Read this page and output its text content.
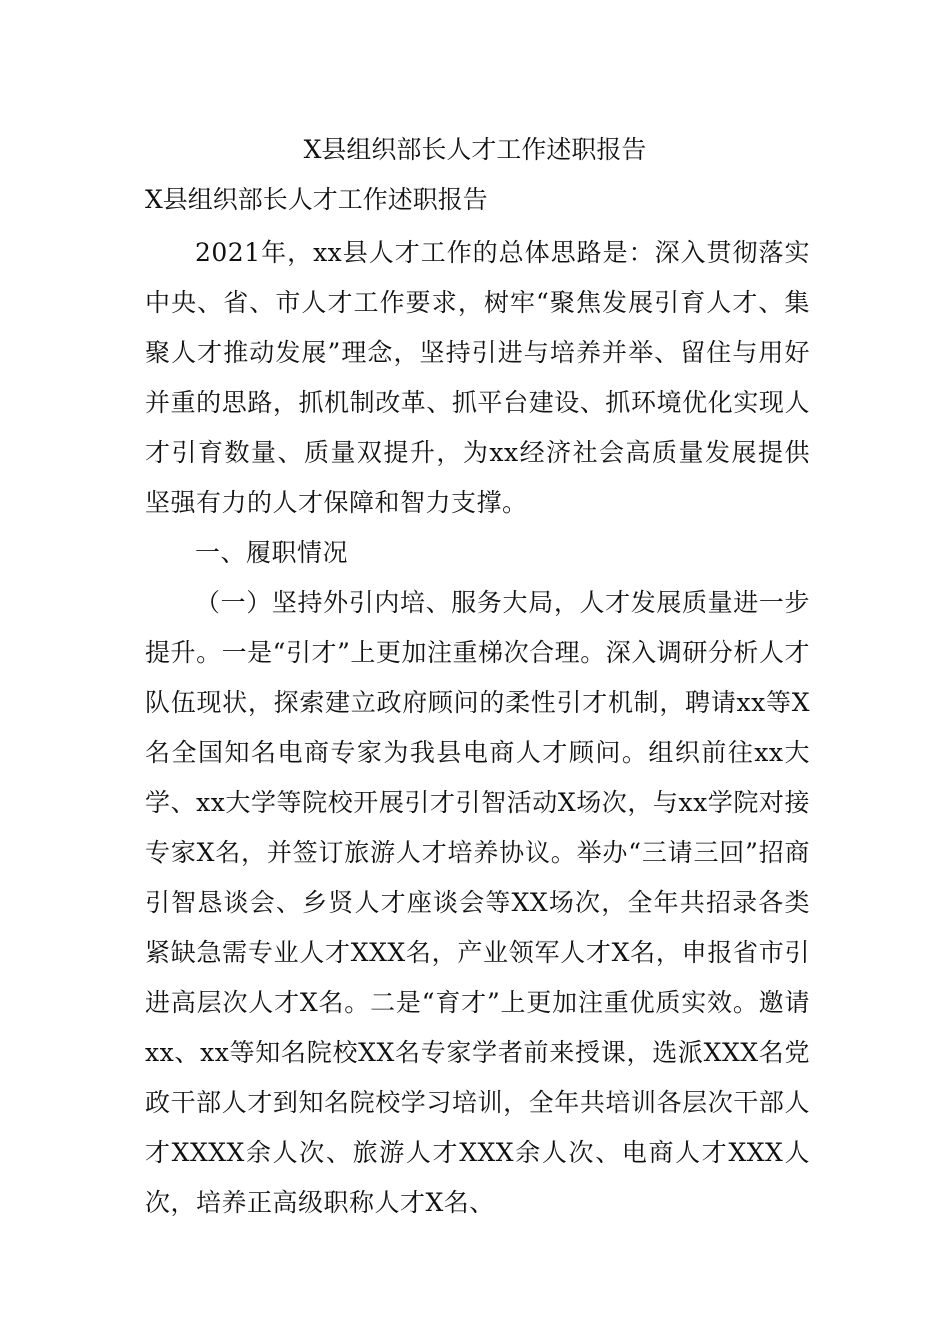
X县组织部长人才工作述职报告

X县组织部长人才工作述职报告

2021年，xx县人才工作的总体思路是：深入贯彻落实中央、省、市人才工作要求，树牢“聚焦发展引育人才、集聚人才推动发展”理念，坚持引进与培养并举、留住与用好并重的思路，抓机制改革、抓平台建设、抓环境优化实现人才引育数量、质量双提升，为xx经济社会高质量发展提供坚强有力的人才保障和智力支撑。

一、履职情况

（一）坚持外引内培、服务大局，人才发展质量进一步提升。一是“引才”上更加注重梯次合理。深入调研分析人才队伍现状，探索建立政府顾问的柔性引才机制，聘请xx等X名全国知名电商专家为我县电商人才顾问。组织前往xx大学、xx大学等院校开展引才引智活动X场次，与xx学院对接专家X名，并签订旅游人才培养协议。举办“三请三回”招商引智恳谈会、乡贤人才座谈会等XX场次，全年共招录各类紧缺急需专业人才XXX名，产业领军人才X名，申报省市引进高层次人才X名。二是“育才”上更加注重优质实效。邀请xx、xx等知名院校XX名专家学者前来授课，选派XXX名党政干部人才到知名院校学习培训，全年共培训各层次干部人才XXXX余人次、旅游人才XXX余人次、电商人才XXX人次，培养正高级职称人才X名、
